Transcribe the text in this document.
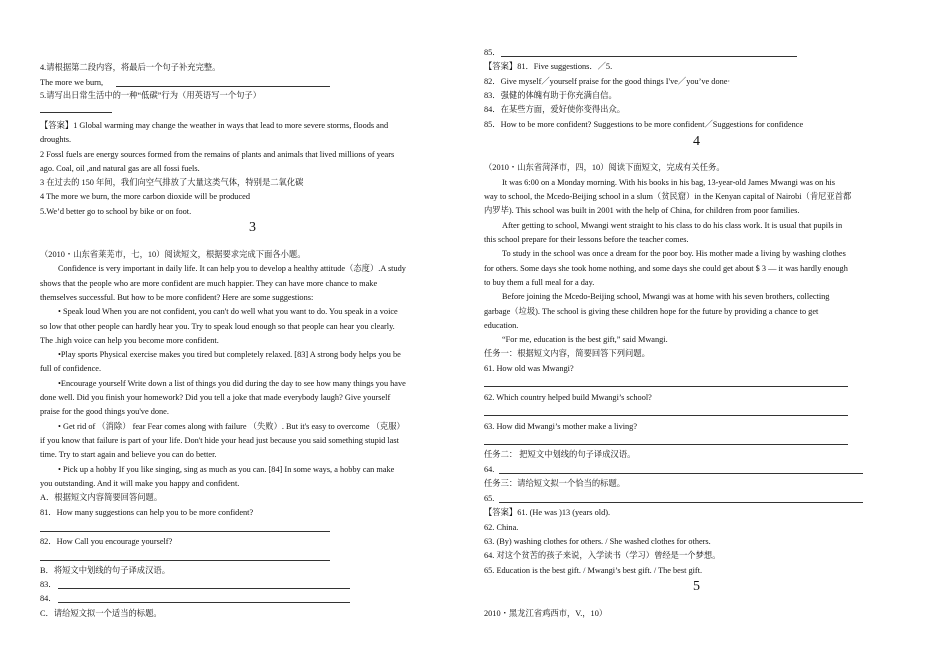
4.请根据第二段内容，将最后一个句子补充完整。
The more we burn,
5.请写出日常生活中的一种“低碳”行为（用英语写一个句子）
【答案】1 Global warming may change the weather in ways that lead to more severe storms, floods and
droughts.
2 Fossl fuels are energy sources formed from the remains of plants and animals that lived millions of years
ago. Coal, oil ,and natural gas are all fossi fuels.
3 在过去的 150 年间，我们向空气排放了大量这类气体，特别是二氧化碳
4 The more we burn, the more carbon dioxide will be produced
5.We’d better go to school by bike or on foot.
3
（2010・山东省莱芜市，七，10）阅读短文，根据要求完成下面各小题。
Confidence is very important in daily life. It can help you to develop a healthy attitude（态度）.A study
shows that the people who are more confident are much happier. They can have more chance to make
themselves successful. But how to be more confident? Here are some suggestions:
• Speak loud When you are not confident, you can't do well what you want to do. You speak in a voice
so low that other people can hardly hear you. Try to speak loud enough so that people can hear you clearly.
The .high voice can help you become more confident.
•Play sports Physical exercise makes you tired but completely relaxed. [83] A strong body helps you be
full of confidence.
•Encourage yourself Write down a list of things you did during the day to see how many things you have
done well. Did you finish your homework? Did you tell a joke that made everybody laugh? Give yourself
praise for the good things you've done.
• Get rid of （消除） fear Fear comes along with failure （失败）. But it's easy to overcome （克服）
if you know that failure is part of your life. Don't hide your head just because you said something stupid last
time. Try to start again and believe you can do better.
• Pick up a hobby If you like singing, sing as much as you can. [84] In some ways, a hobby can make
you outstanding. And it will make you happy and confident.
A．根据短文内容简要回答问题。
81．How many suggestions can help you to be more confident?
82．How Call you encourage yourself?
B．将短文中划线的句子译成汉语。
83．
84．
C．请给短文拟一个适当的标题。
85．
【答案】81．Five suggestions．／5.
82．Give myself／yourself praise for the good things I've／you’ve done·
83．强健的体魄有助于你充满自信。
84．在某些方面，爱好使你变得出众。
85．How to be more confident? Suggestions to be more confident／Suggestions for confidence
4
（2010・山东省菏泽市，四，10）阅读下面短文，完成有关任务。
It was 6:00 on a Monday morning. With his books in his bag, 13-year-old James Mwangi was on his
way to school, the Mcedo-Beijing school in a slum（贫民窟）in the Kenyan capital of Nairobi（肯尼亚首都
内罗毕). This school was built in 2001 with the help of China, for children from poor families.
After getting to school, Mwangi went straight to his class to do his class work. It is usual that pupils in
this school prepare for their lessons before the teacher comes.
To study in the school was once a dream for the poor boy. His mother made a living by washing clothes
for others. Some days she took home nothing, and some days she could get about $ 3 — it was hardly enough
to buy them a full meal for a day.
Before joining the Mcedo-Beijing school, Mwangi was at home with his seven brothers, collecting
garbage（垃圾). The school is giving these children hope for the future by providing a chance to get
education.
“For me, education is the best gift,” said Mwangi.
任务一：根据短文内容，简要回答下列问题。
61. How old was Mwangi?
62. Which country helped build Mwangi’s school?
63. How did Mwangi’s mother make a living?
任务二： 把短文中划线的句子译成汉语。
64.
任务三：请给短文拟一个恰当的标题。
65.
【答案】61. (He was )13 (years old).
62. China.
63. (By) washing clothes for others. / She washed clothes for others.
64. 对这个贫苦的孩子来说，入学读书（学习）曾经是一个梦想。
65. Education is the best gift. / Mwangi’s best gift. / The best gift.
5
2010・黑龙江省鸡西市，V.，10）
